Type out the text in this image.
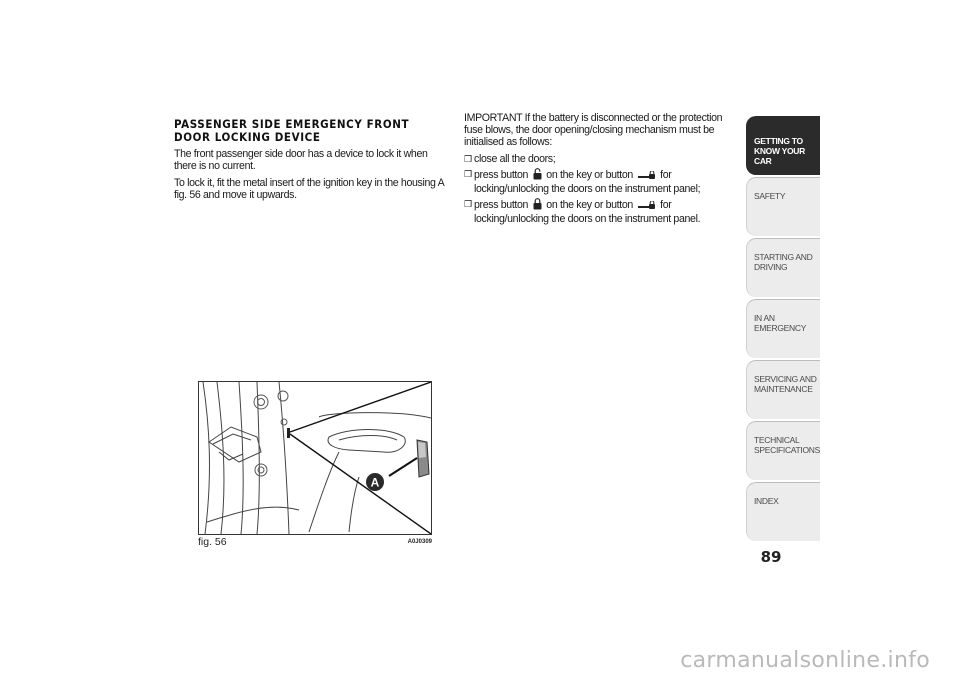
PASSENGER SIDE EMERGENCY FRONT DOOR LOCKING DEVICE

The front passenger side door has a device to lock it when there is no current.

To lock it, fit the metal insert of the ignition key in the housing A fig. 56 and move it upwards.

IMPORTANT If the battery is disconnected or the protection fuse blows, the door opening/closing mechanism must be initialised as follows:

❒ close all the doors;
❒ press button on the key or button	for locking/unlocking the doors on the instrument panel;
❒ press button on the key or button	for locking/unlocking the doors on the instrument panel.
A
fig. 56	A0J0309
GETTING TO KNOW YOUR CAR
SAFETY
STARTING AND DRIVING
IN AN EMERGENCY
SERVICING AND MAINTENANCE
TECHNICAL SPECIFICATIONS
INDEX
89
carmanualsonline.info
